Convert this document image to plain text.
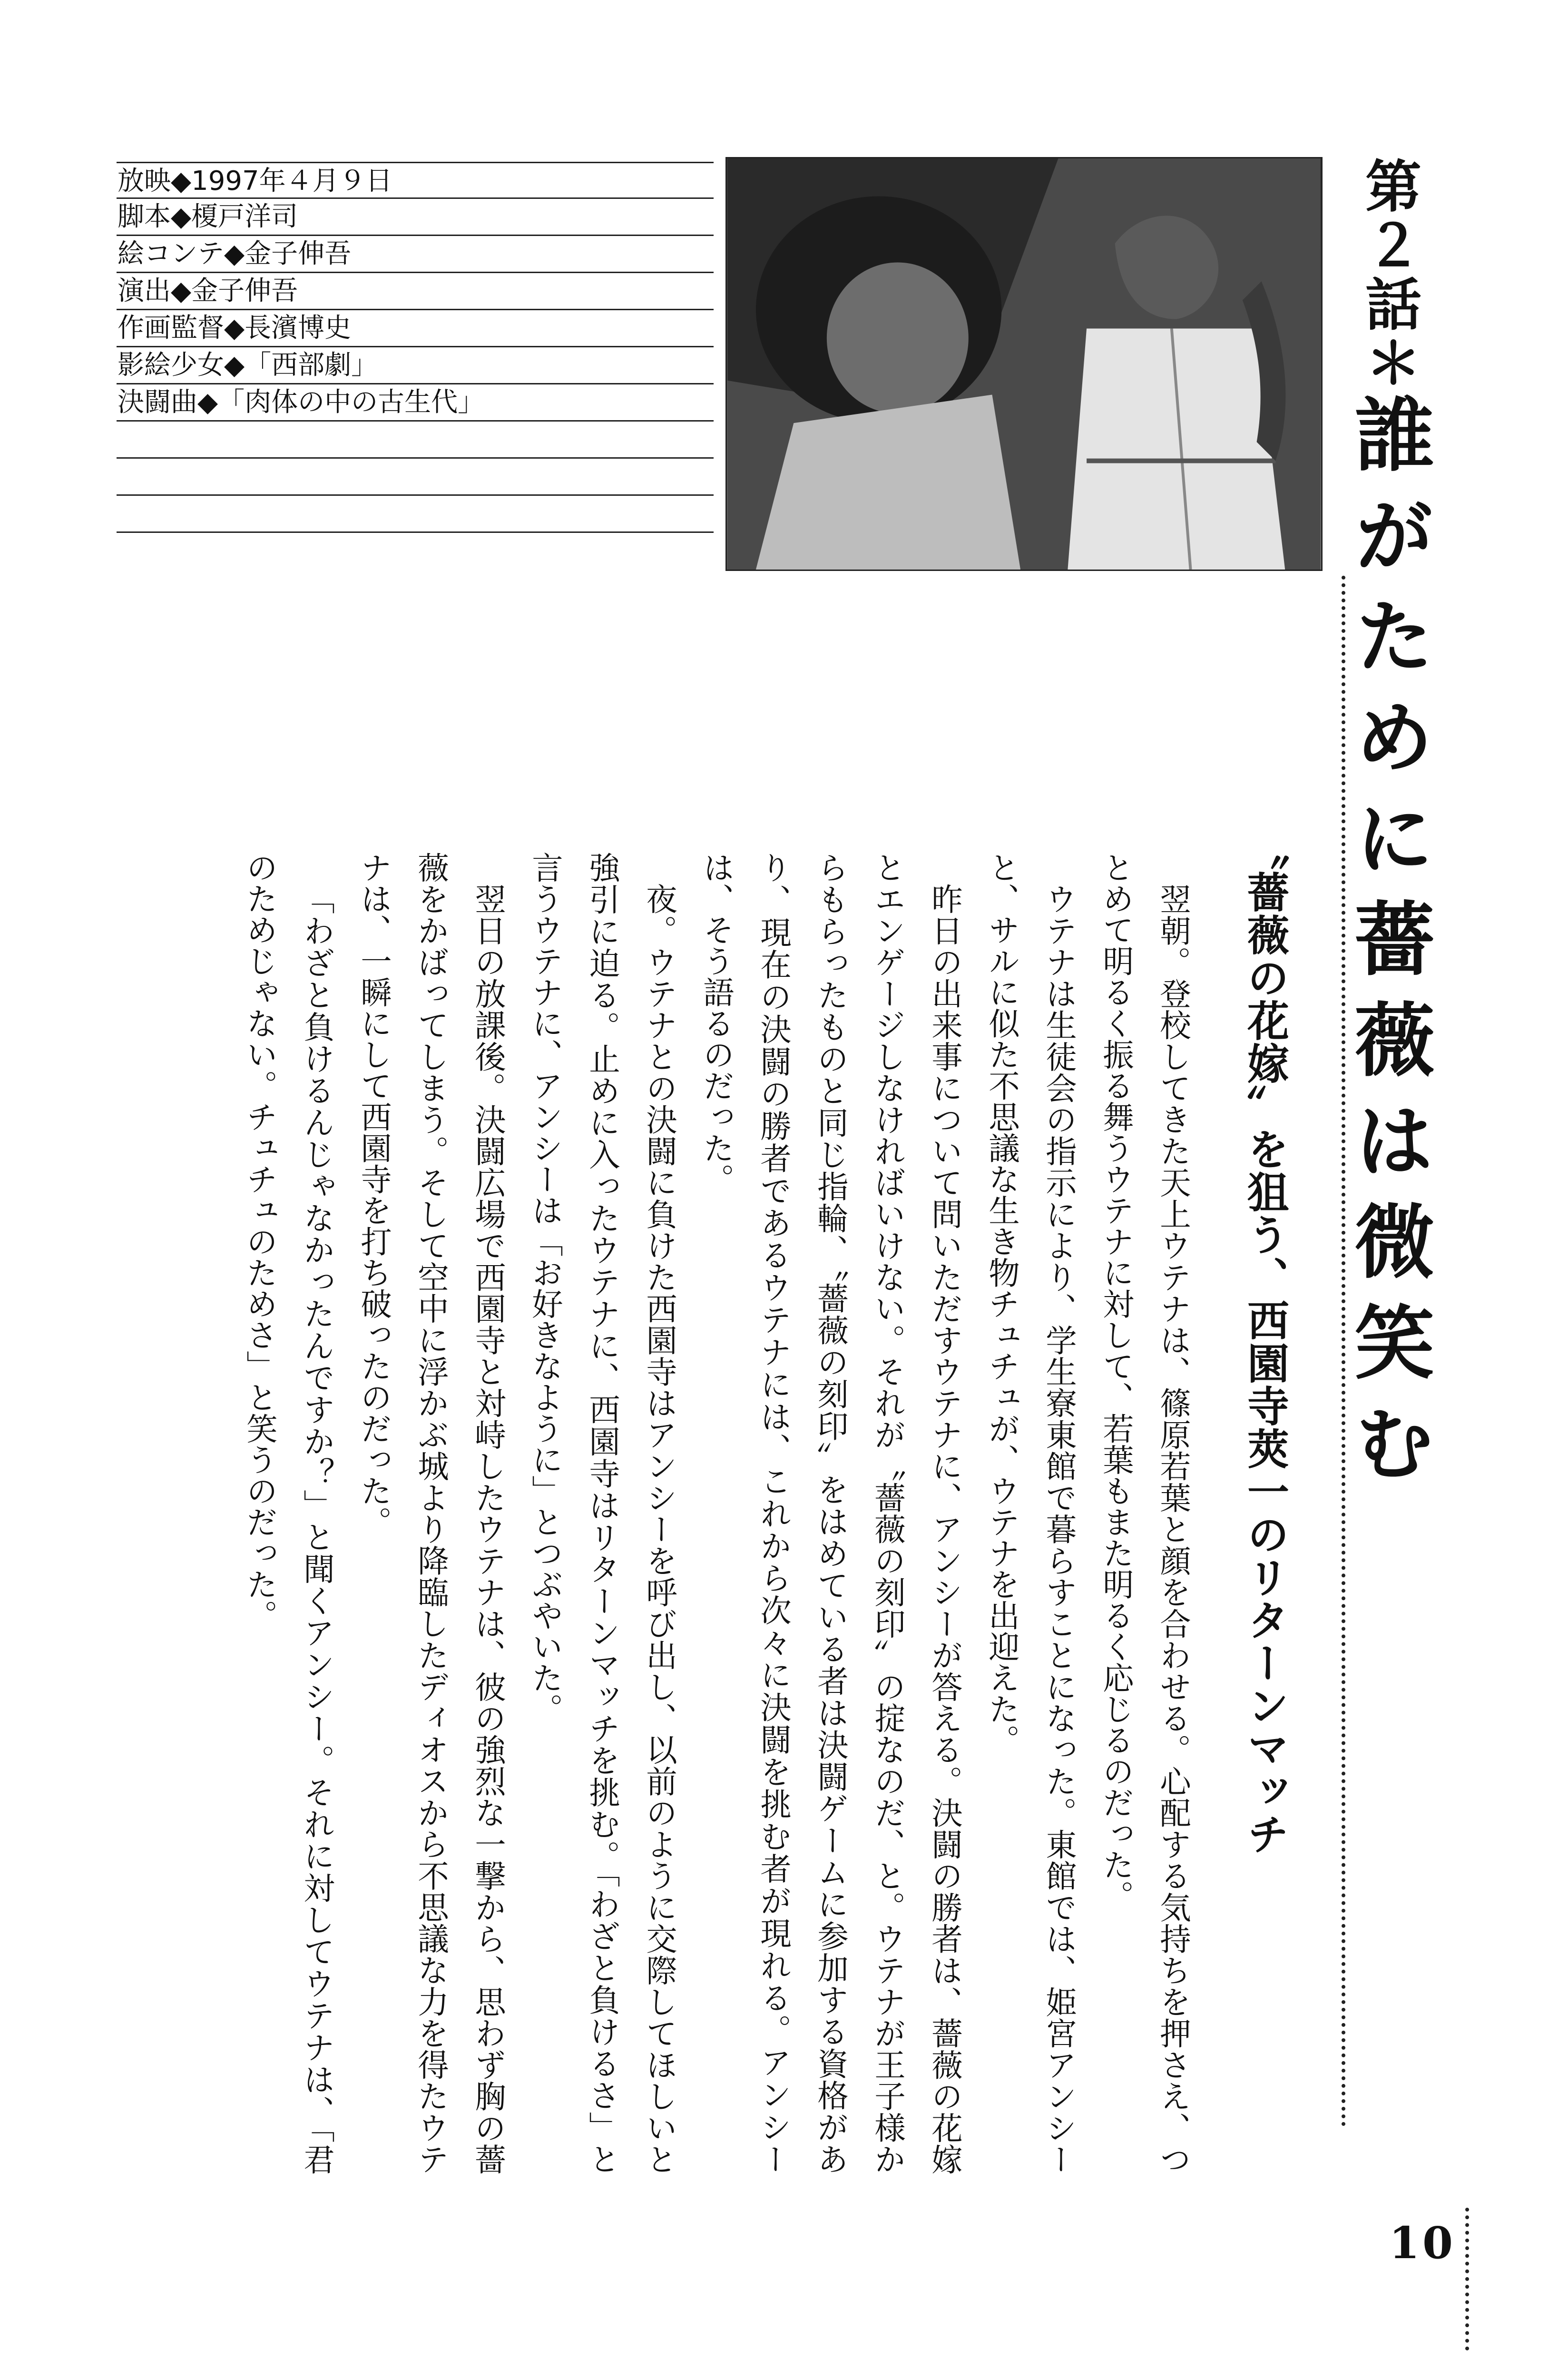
放映◆1997年４月９日
脚本◆榎戸洋司
絵コンテ◆金子伸吾
演出◆金子伸吾
作画監督◆長濱博史
影絵少女◆「西部劇」
決闘曲◆「肉体の中の古生代」
第２話＊誰がために薔薇は微笑む
〝薔薇の花嫁〟を狙う、西園寺莢一のリターンマッチ

翌朝。登校してきた天上ウテナは、篠原若葉と顔を合わせる。心配する気持ちを押さえ、つとめて明るく振る舞うウテナに対して、若葉もまた明るく応じるのだった。

ウテナは生徒会の指示により、学生寮東館で暮らすことになった。東館では、姫宮アンシーと、サルに似た不思議な生き物チュチュが、ウテナを出迎えた。

昨日の出来事について問いただすウテナに、アンシーが答える。決闘の勝者は、薔薇の花嫁とエンゲージしなければいけない。それが〝薔薇の刻印〟の掟なのだ、と。ウテナが王子様からもらったものと同じ指輪、〝薔薇の刻印〟をはめている者は決闘ゲームに参加する資格があり、現在の決闘の勝者であるウテナには、これから次々に決闘を挑む者が現れる。アンシーは、そう語るのだった。

夜。ウテナとの決闘に負けた西園寺はアンシーを呼び出し、以前のように交際してほしいと強引に迫る。止めに入ったウテナに、西園寺はリターンマッチを挑む。「わざと負けるさ」と言うウテナに、アンシーは「お好きなように」とつぶやいた。

翌日の放課後。決闘広場で西園寺と対峙したウテナは、彼の強烈な一撃から、思わず胸の薔薇をかばってしまう。そして空中に浮かぶ城より降臨したディオスから不思議な力を得たウテナは、一瞬にして西園寺を打ち破ったのだった。

「わざと負けるんじゃなかったんですか？」と聞くアンシー。それに対してウテナは、「君のためじゃない。チュチュのためさ」と笑うのだった。

10
